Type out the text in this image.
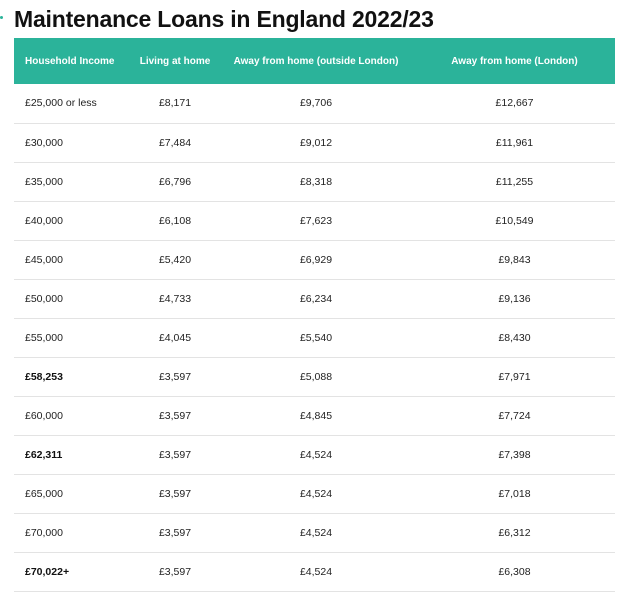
Maintenance Loans in England 2022/23
Household Income	Living at home	Away from home (outside London)	Away from home (London)
£25,000 or less	£8,171	£9,706	£12,667
£30,000	£7,484	£9,012	£11,961
£35,000	£6,796	£8,318	£11,255
£40,000	£6,108	£7,623	£10,549
£45,000	£5,420	£6,929	£9,843
£50,000	£4,733	£6,234	£9,136
£55,000	£4,045	£5,540	£8,430
£58,253	£3,597	£5,088	£7,971
£60,000	£3,597	£4,845	£7,724
£62,311	£3,597	£4,524	£7,398
£65,000	£3,597	£4,524	£7,018
£70,000	£3,597	£4,524	£6,312
£70,022+	£3,597	£4,524	£6,308
